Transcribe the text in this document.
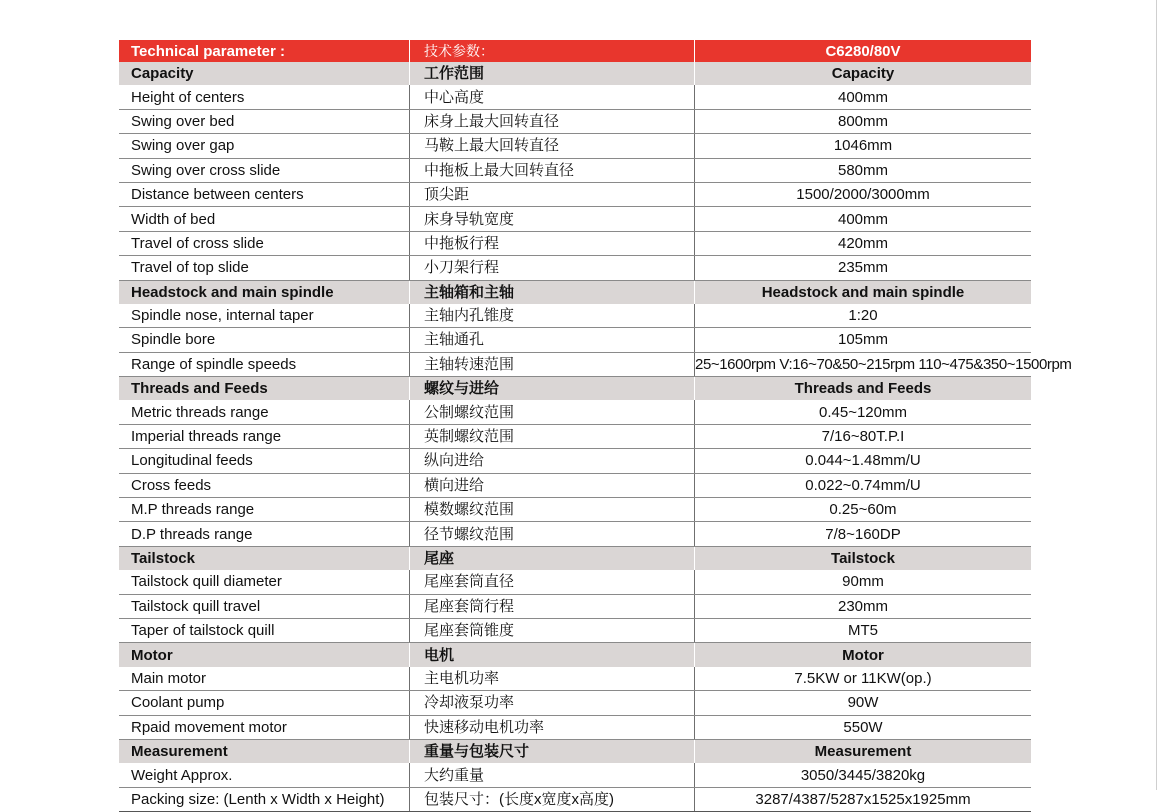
Technical parameter :	技术参数：	C6280/80V
Capacity	工作范围	Capacity
Height of centers	中心高度	400mm
Swing over bed	床身上最大回转直径	800mm
Swing over gap	马鞍上最大回转直径	1046mm
Swing over cross slide	中拖板上最大回转直径	580mm
Distance between centers	顶尖距	1500/2000/3000mm
Width of bed	床身导轨宽度	400mm
Travel of cross slide	中拖板行程	420mm
Travel of top slide	小刀架行程	235mm
Headstock and main spindle	主轴箱和主轴	Headstock and main spindle
Spindle nose, internal taper	主轴内孔锥度	1:20
Spindle bore	主轴通孔	105mm
Range of spindle speeds	主轴转速范围	25~1600rpm V:16~70&50~215rpm 110~475&350~1500rpm
Threads and Feeds	螺纹与进给	Threads and Feeds
Metric threads range	公制螺纹范围	0.45~120mm
Imperial threads range	英制螺纹范围	7/16~80T.P.I
Longitudinal feeds	纵向进给	0.044~1.48mm/U
Cross feeds	横向进给	0.022~0.74mm/U
M.P threads range	模数螺纹范围	0.25~60m
D.P threads range	径节螺纹范围	7/8~160DP
Tailstock	尾座	Tailstock
Tailstock quill diameter	尾座套筒直径	90mm
Tailstock quill travel	尾座套筒行程	230mm
Taper of tailstock quill	尾座套筒锥度	MT5
Motor	电机	Motor
Main motor	主电机功率	7.5KW or 11KW(op.)
Coolant pump	冷却液泵功率	90W
Rpaid movement motor	快速移动电机功率	550W
Measurement	重量与包装尺寸	Measurement
Weight Approx.	大约重量	3050/3445/3820kg
Packing size: (Lenth x Width x Height)	包装尺寸：(长度x宽度x高度)	3287/4387/5287x1525x1925mm
